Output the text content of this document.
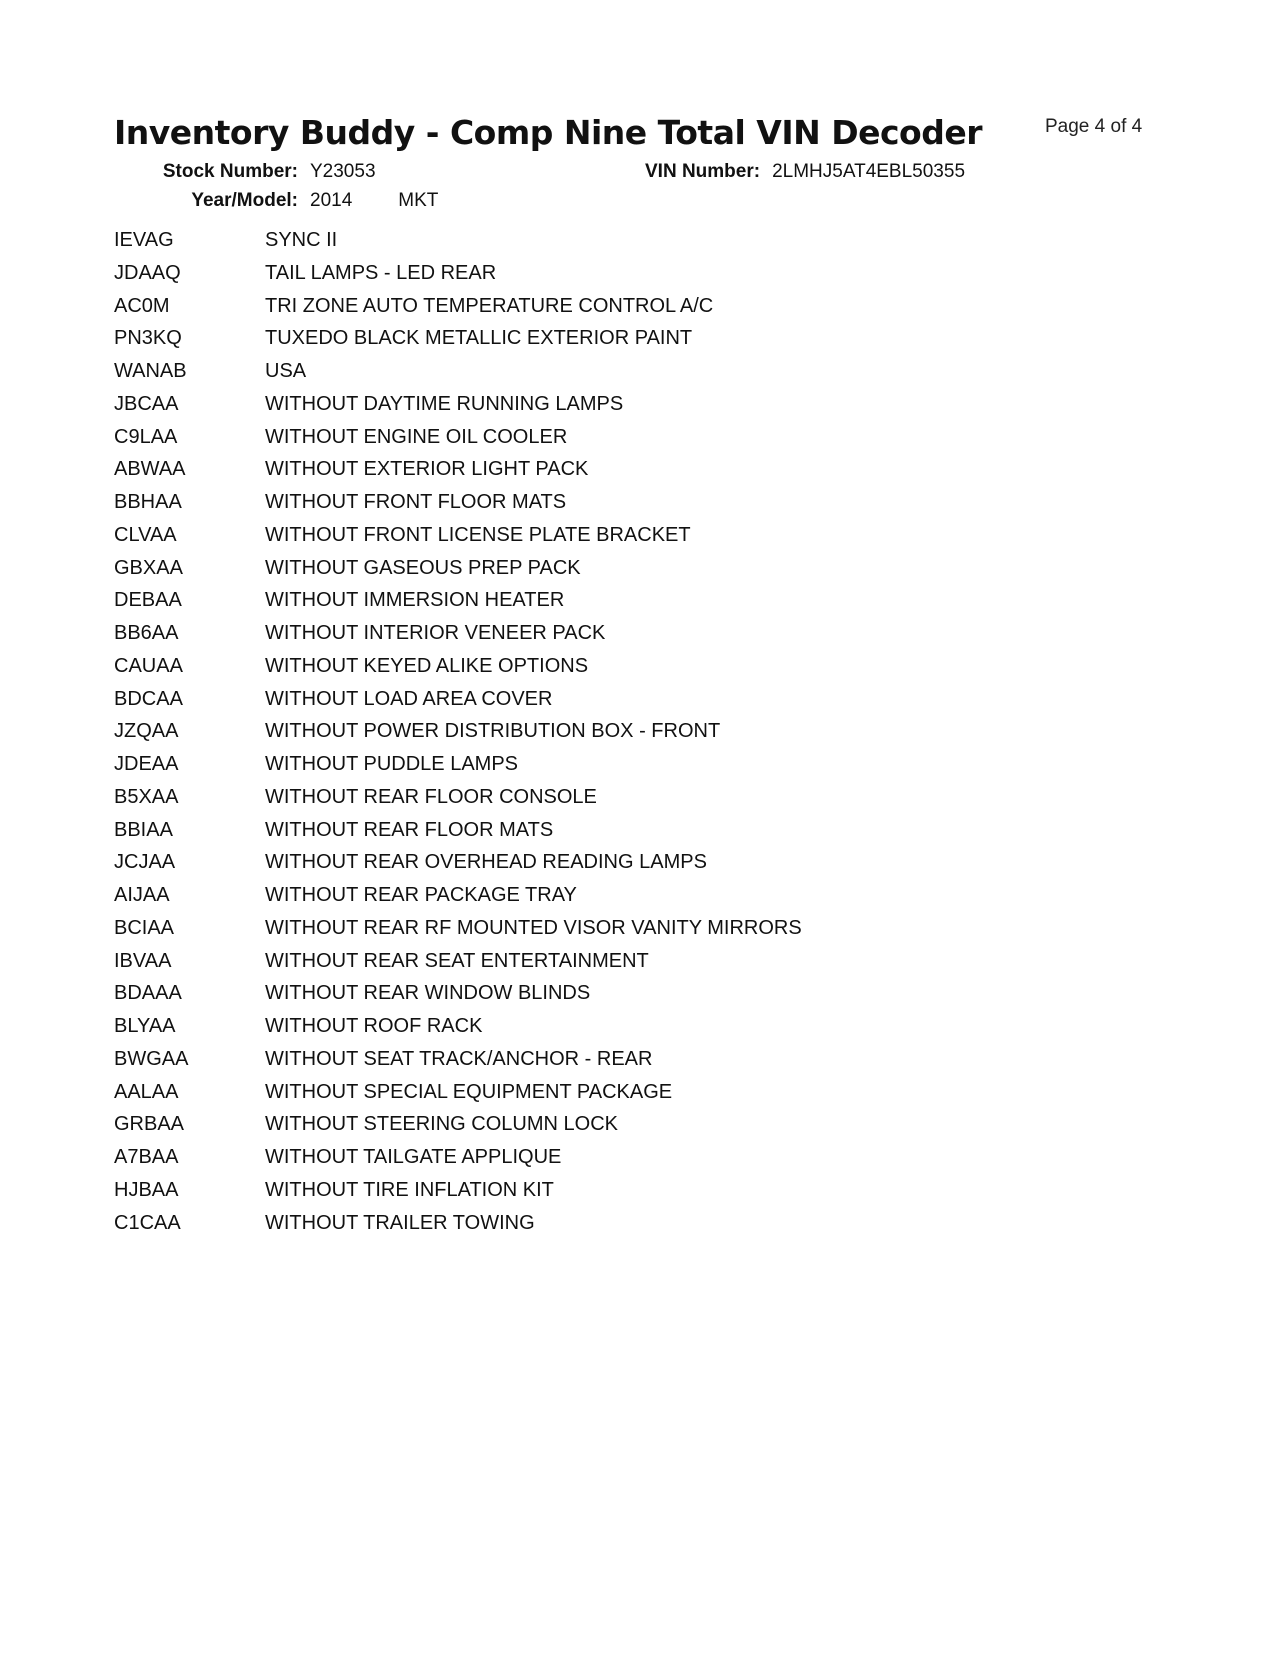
Inventory Buddy - Comp Nine Total VIN Decoder	Page 4 of 4
Stock Number: Y23053	VIN Number: 2LMHJ5AT4EBL50355
Year/Model: 2014 MKT
IEVAG	SYNC II
JDAAQ	TAIL LAMPS - LED REAR
AC0M	TRI ZONE AUTO TEMPERATURE CONTROL A/C
PN3KQ	TUXEDO BLACK METALLIC EXTERIOR PAINT
WANAB	USA
JBCAA	WITHOUT DAYTIME RUNNING LAMPS
C9LAA	WITHOUT ENGINE OIL COOLER
ABWAA	WITHOUT EXTERIOR LIGHT PACK
BBHAA	WITHOUT FRONT FLOOR MATS
CLVAA	WITHOUT FRONT LICENSE PLATE BRACKET
GBXAA	WITHOUT GASEOUS PREP PACK
DEBAA	WITHOUT IMMERSION HEATER
BB6AA	WITHOUT INTERIOR VENEER PACK
CAUAA	WITHOUT KEYED ALIKE OPTIONS
BDCAA	WITHOUT LOAD AREA COVER
JZQAA	WITHOUT POWER DISTRIBUTION BOX - FRONT
JDEAA	WITHOUT PUDDLE LAMPS
B5XAA	WITHOUT REAR FLOOR CONSOLE
BBIAA	WITHOUT REAR FLOOR MATS
JCJAA	WITHOUT REAR OVERHEAD READING LAMPS
AIJAA	WITHOUT REAR PACKAGE TRAY
BCIAA	WITHOUT REAR RF MOUNTED VISOR VANITY MIRRORS
IBVAA	WITHOUT REAR SEAT ENTERTAINMENT
BDAAA	WITHOUT REAR WINDOW BLINDS
BLYAA	WITHOUT ROOF RACK
BWGAA	WITHOUT SEAT TRACK/ANCHOR - REAR
AALAA	WITHOUT SPECIAL EQUIPMENT PACKAGE
GRBAA	WITHOUT STEERING COLUMN LOCK
A7BAA	WITHOUT TAILGATE APPLIQUE
HJBAA	WITHOUT TIRE INFLATION KIT
C1CAA	WITHOUT TRAILER TOWING
